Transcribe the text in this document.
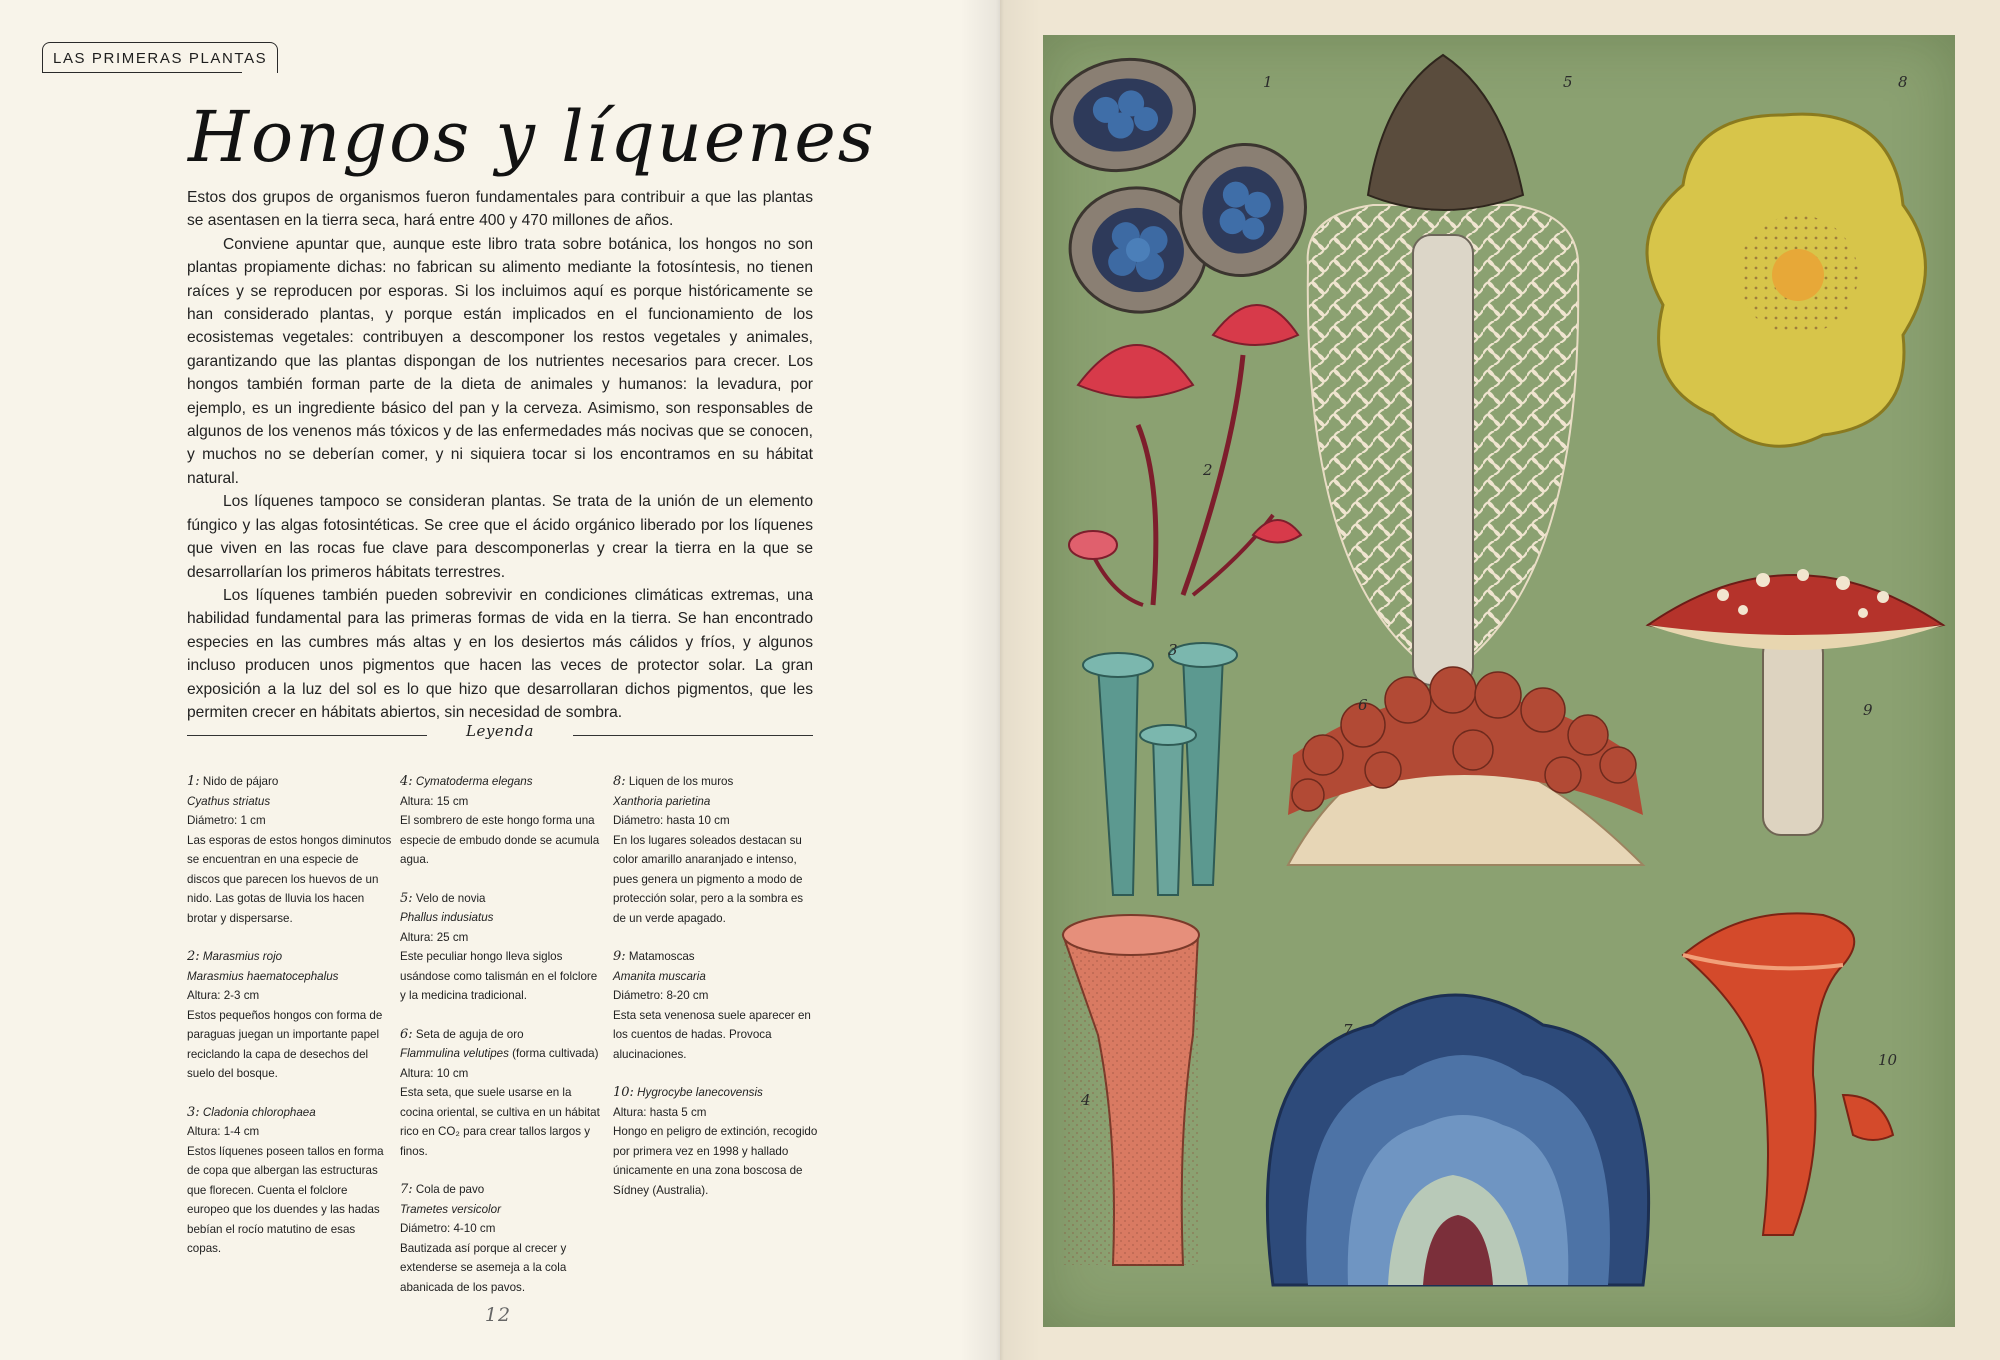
LAS PRIMERAS PLANTAS
Hongos y líquenes

Estos dos grupos de organismos fueron fundamentales para contribuir a que las plantas se asentasen en la tierra seca, hará entre 400 y 470 millones de años.

Conviene apuntar que, aunque este libro trata sobre botánica, los hongos no son plantas propiamente dichas: no fabrican su alimento mediante la fotosíntesis, no tienen raíces y se reproducen por esporas. Si los incluimos aquí es porque históricamente se han considerado plantas, y porque están implicados en el funcionamiento de los ecosistemas vegetales: contribuyen a descomponer los restos vegetales y animales, garantizando que las plantas dispongan de los nutrientes necesarios para crecer. Los hongos también forman parte de la dieta de animales y humanos: la levadura, por ejemplo, es un ingrediente básico del pan y la cerveza. Asimismo, son responsables de algunos de los venenos más tóxicos y de las enfermedades más nocivas que se conocen, y muchos no se deberían comer, y ni siquiera tocar si los encontramos en su hábitat natural.

Los líquenes tampoco se consideran plantas. Se trata de la unión de un elemento fúngico y las algas fotosintéticas. Se cree que el ácido orgánico liberado por los líquenes que viven en las rocas fue clave para descomponerlas y crear la tierra en la que se desarrollarían los primeros hábitats terrestres.

Los líquenes también pueden sobrevivir en condiciones climáticas extremas, una habilidad fundamental para las primeras formas de vida en la tierra. Se han encontrado especies en las cumbres más altas y en los desiertos más cálidos y fríos, y algunos incluso producen unos pigmentos que hacen las veces de protector solar. La gran exposición a la luz del sol es lo que hizo que desarrollaran dichos pigmentos, que les permiten crecer en hábitats abiertos, sin necesidad de sombra.

Leyenda
1: Nido de pájaro
Cyathus striatus
Diámetro: 1 cm
Las esporas de estos hongos diminutos se encuentran en una especie de discos que parecen los huevos de un nido. Las gotas de lluvia los hacen brotar y dispersarse.
2: Marasmius rojo
Marasmius haematocephalus
Altura: 2-3 cm
Estos pequeños hongos con forma de paraguas juegan un importante papel reciclando la capa de desechos del suelo del bosque.
3: Cladonia chlorophaea
Altura: 1-4 cm
Estos líquenes poseen tallos en forma de copa que albergan las estructuras que florecen. Cuenta el folclore europeo que los duendes y las hadas bebían el rocío matutino de esas copas.
4: Cymatoderma elegans
Altura: 15 cm
El sombrero de este hongo forma una especie de embudo donde se acumula agua.
5: Velo de novia
Phallus indusiatus
Altura: 25 cm
Este peculiar hongo lleva siglos usándose como talismán en el folclore y la medicina tradicional.
6: Seta de aguja de oro
Flammulina velutipes (forma cultivada)
Altura: 10 cm
Esta seta, que suele usarse en la cocina oriental, se cultiva en un hábitat rico en CO₂ para crear tallos largos y finos.
7: Cola de pavo
Trametes versicolor
Diámetro: 4-10 cm
Bautizada así porque al crecer y extenderse se asemeja a la cola abanicada de los pavos.
8: Liquen de los muros
Xanthoria parietina
Diámetro: hasta 10 cm
En los lugares soleados destacan su color amarillo anaranjado e intenso, pues genera un pigmento a modo de protección solar, pero a la sombra es de un verde apagado.
9: Matamoscas
Amanita muscaria
Diámetro: 8-20 cm
Esta seta venenosa suele aparecer en los cuentos de hadas. Provoca alucinaciones.
10: Hygrocybe lanecovensis
Altura: hasta 5 cm
Hongo en peligro de extinción, recogido por primera vez en 1998 y hallado únicamente en una zona boscosa de Sídney (Australia).
12
1
2
5	8
3
6	9
4
7
10
